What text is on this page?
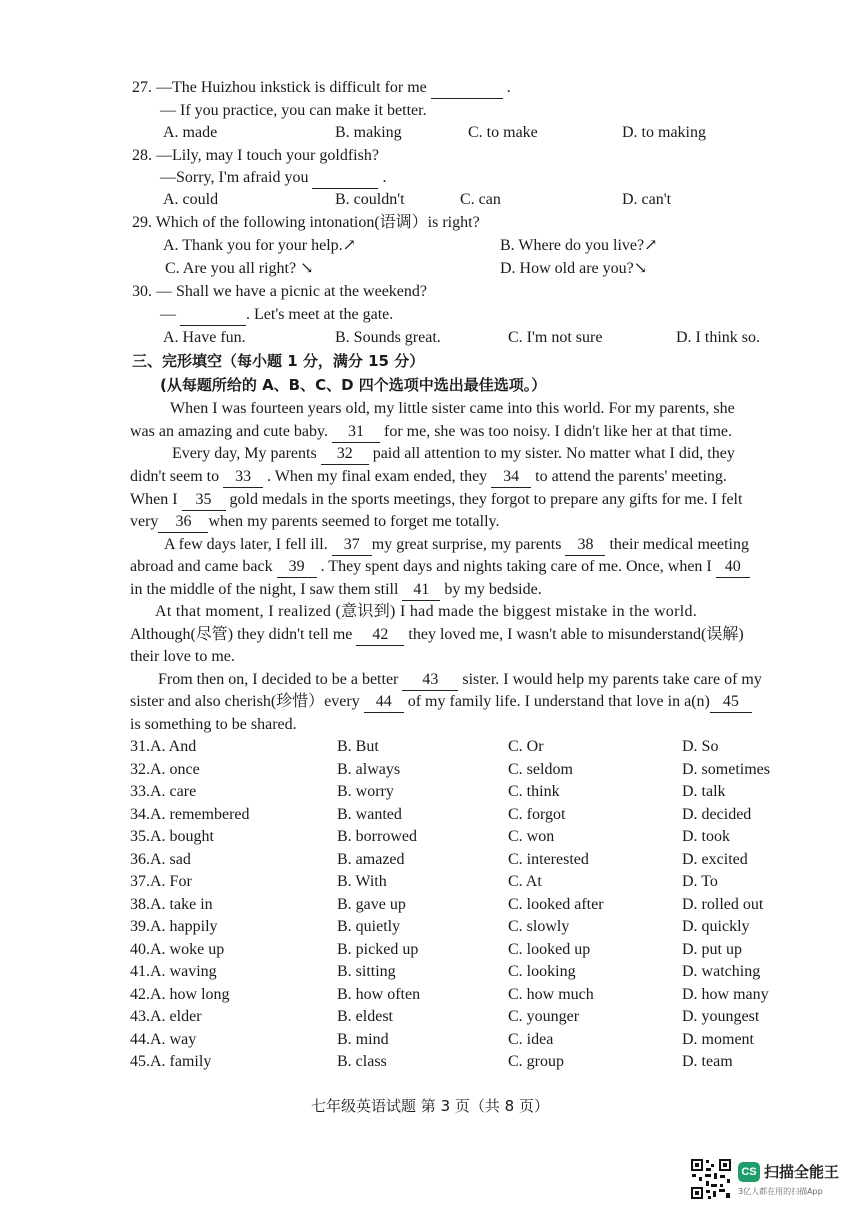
27. —The Huizhou inkstick is difficult for me	.
— If you practice, you can make it better.
A. made	B. making	C. to make	D. to making
28. —Lily, may I touch your goldfish?
—Sorry, I'm afraid you	.
A. could	B. couldn't	C. can	D. can't
29. Which of the following intonation(语调）is right?
A. Thank you for your help.↗	B. Where do you live?↗
C. Are you all right? ↘	D. How old are you?↘
30. — Shall we have a picnic at the weekend?
—	. Let's meet at the gate.
A. Have fun.	B. Sounds great.	C. I'm not sure	D. I think so.
三、完形填空（每小题 1 分，满分 15 分）
(从每题所给的 A、B、C、D 四个选项中选出最佳选项。）
When I was fourteen years old, my little sister came into this world. For my parents, she
was an amazing and cute baby. 31 for me, she was too noisy. I didn't like her at that time.
Every day, My parents 32 paid all attention to my sister. No matter what I did, they
didn't seem to 33 . When my final exam ended, they 34 to attend the parents' meeting.
When I 35 gold medals in the sports meetings, they forgot to prepare any gifts for me. I felt
very 36 when my parents seemed to forget me totally.
A few days later, I fell ill. 37 my great surprise, my parents 38 their medical meeting
abroad and came back 39 . They spent days and nights taking care of me. Once, when I 40
in the middle of the night, I saw them still 41 by my bedside.
At that moment, I realized (意识到) I had made the biggest mistake in the world.
Although(尽管) they didn't tell me 42 they loved me, I wasn't able to misunderstand(误解)
their love to me.
From then on, I decided to be a better 43 sister. I would help my parents take care of my
sister and also cherish(珍惜）every 44 of my family life. I understand that love in a(n) 45
is something to be shared.
31. A. And	B. But	C. Or	D. So
32. A. once	B. always	C. seldom	D. sometimes
33. A. care	B. worry	C. think	D. talk
34. A. remembered	B. wanted	C. forgot	D. decided
35. A. bought	B. borrowed	C. won	D. took
36. A. sad	B. amazed	C. interested	D. excited
37. A. For	B. With	C. At	D. To
38. A. take in	B. gave up	C. looked after	D. rolled out
39. A. happily	B. quietly	C. slowly	D. quickly
40. A. woke up	B. picked up	C. looked up	D. put up
41. A. waving	B. sitting	C. looking	D. watching
42. A. how long	B. how often	C. how much	D. how many
43. A. elder	B. eldest	C. younger	D. youngest
44. A. way	B. mind	C. idea	D. moment
45. A. family	B. class	C. group	D. team
七年级英语试题 第 3 页（共 8 页）
CS 扫描全能王
3亿人都在用的扫描App
